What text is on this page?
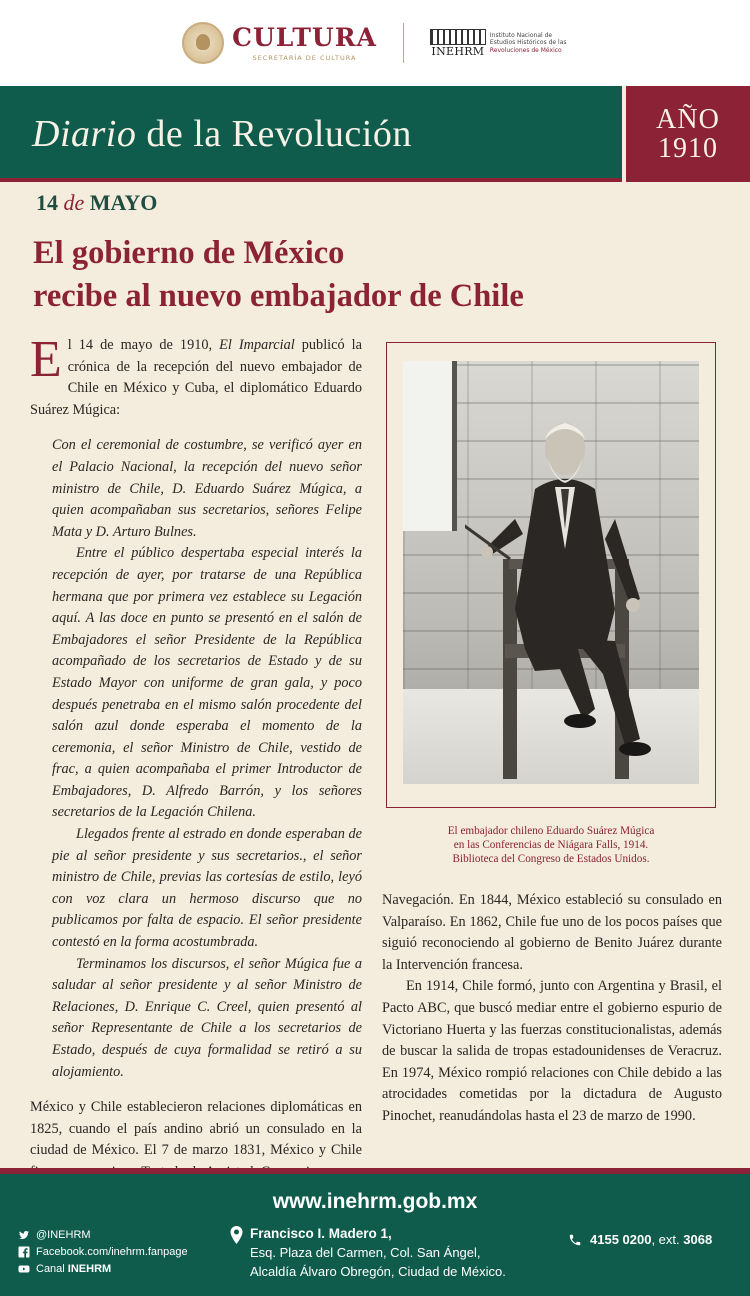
CULTURA
SECRETARÍA DE CULTURA	INEHRM
Instituto Nacional de
Estudios Históricos de las
Revoluciones de México
Diario de la Revolución	AÑO
1910
14 de MAYO
El gobierno de México
recibe al nuevo embajador de Chile

El 14 de mayo de 1910, El Imparcial publicó la crónica de la recepción del nuevo embajador de Chile en México y Cuba, el diplomático Eduardo Suárez Múgica:

Con el ceremonial de costumbre, se verificó ayer en el Palacio Nacional, la recepción del nuevo señor ministro de Chile, D. Eduardo Suárez Múgica, a quien acompañaban sus secretarios, señores Felipe Mata y D. Arturo Bulnes.

Entre el público despertaba especial interés la recepción de ayer, por tratarse de una República hermana que por primera vez establece su Legación aquí. A las doce en punto se presentó en el salón de Embajadores el señor Presidente de la República acompañado de los secretarios de Estado y de su Estado Mayor con uniforme de gran gala, y poco después penetraba en el mismo salón procedente del salón azul donde esperaba el momento de la ceremonia, el señor Ministro de Chile, vestido de frac, a quien acompañaba el primer Introductor de Embajadores, D. Alfredo Barrón, y los señores secretarios de la Legación Chilena.

Llegados frente al estrado en donde esperaban de pie al señor presidente y sus secretarios., el señor ministro de Chile, previas las cortesías de estilo, leyó con voz clara un hermoso discurso que no publicamos por falta de espacio. El señor presidente contestó en la forma acostumbrada.

Terminamos los discursos, el señor Múgica fue a saludar al señor presidente y al señor Ministro de Relaciones, D. Enrique C. Creel, quien presentó al señor Representante de Chile a los secretarios de Estado, después de cuya formalidad se retiró a su alojamiento.

México y Chile establecieron relaciones diplomáticas en 1825, cuando el país andino abrió un consulado en la ciudad de México. El 7 de marzo 1831, México y Chile

El embajador chileno Eduardo Suárez Múgica
en las Conferencias de Niágara Falls, 1914.
Biblioteca del Congreso de Estados Unidos.

Navegación. En 1844, México estableció su consulado en Valparaíso. En 1862, Chile fue uno de los pocos países que siguió reconociendo al gobierno de Benito Juárez durante la Intervención francesa.

En 1914, Chile formó, junto con Argentina y Brasil, el Pacto ABC, que buscó mediar entre el gobierno espurio de Victoriano Huerta y las fuerzas constitucionalistas, además de buscar la salida de tropas estadounidenses de Veracruz. En 1974, México rompió relaciones con Chile debido a las atrocidades cometidas por la dictadura de Augusto Pinochet, reanudándolas hasta el 23 de marzo de 1990.

www.inehrm.gob.mx
@INEHRM
Facebook.com/inehrm.fanpage
Canal INEHRM
Francisco I. Madero 1,
Esq. Plaza del Carmen, Col. San Ángel,
Alcaldía Álvaro Obregón, Ciudad de México.
4155 0200, ext. 3068
